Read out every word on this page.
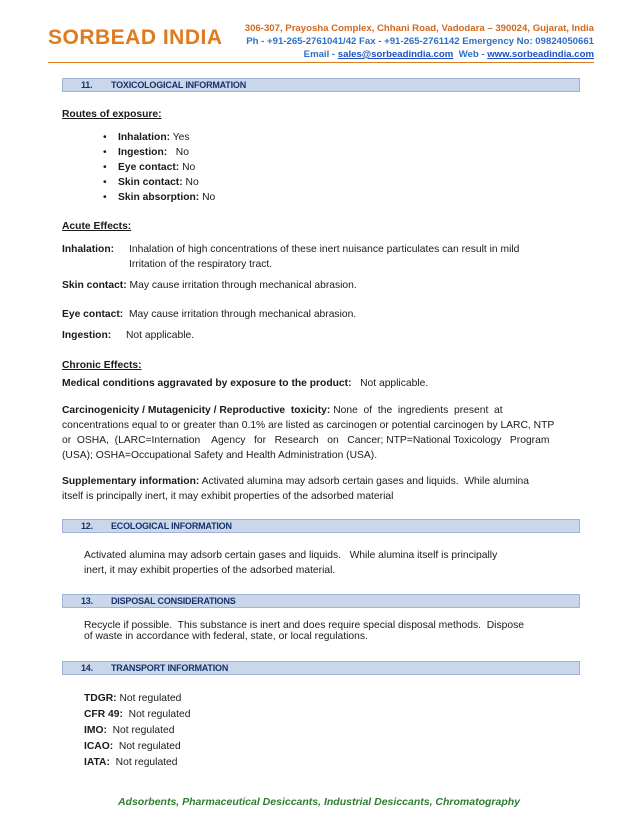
SORBEAD INDIA 306-307, Prayosha Complex, Chhani Road, Vadodara – 390024, Gujarat, India
Ph - +91-265-2761041/42 Fax - +91-265-2761142 Emergency No: 09824050661
Email - sales@sorbeadindia.com  Web - www.sorbeadindia.com
11. TOXICOLOGICAL INFORMATION
Routes of exposure:
• Inhalation: Yes
• Ingestion:   No
• Eye contact: No
• Skin contact: No
• Skin absorption: No
Acute Effects:
Inhalation: Inhalation of high concentrations of these inert nuisance particulates can result in mild
Irritation of the respiratory tract.
Skin contact: May cause irritation through mechanical abrasion.
Eye contact:  May cause irritation through mechanical abrasion.
Ingestion: Not applicable.
Chronic Effects:
Medical conditions aggravated by exposure to the product:   Not applicable.
Carcinogenicity / Mutagenicity / Reproductive  toxicity: None  of  the  ingredients  present  at
concentrations equal to or greater than 0.1% are listed as carcinogen or potential carcinogen by LARC, NTP
or  OSHA,  (LARC=Internation    Agency   for   Research   on   Cancer; NTP=National Toxicology   Program
(USA); OSHA=Occupational Safety and Health Administration (USA).
Supplementary information: Activated alumina may adsorb certain gases and liquids.  While alumina
itself is principally inert, it may exhibit properties of the adsorbed material
12. ECOLOGICAL INFORMATION
Activated alumina may adsorb certain gases and liquids.   While alumina itself is principally
inert, it may exhibit properties of the adsorbed material.
13. DISPOSAL CONSIDERATIONS
Recycle if possible.  This substance is inert and does require special disposal methods.  Dispose
of waste in accordance with federal, state, or local regulations.
14. TRANSPORT INFORMATION
TDGR: Not regulated
CFR 49:  Not regulated
IMO:  Not regulated
ICAO:  Not regulated
IATA:  Not regulated
Adsorbents, Pharmaceutical Desiccants, Industrial Desiccants, Chromatography
